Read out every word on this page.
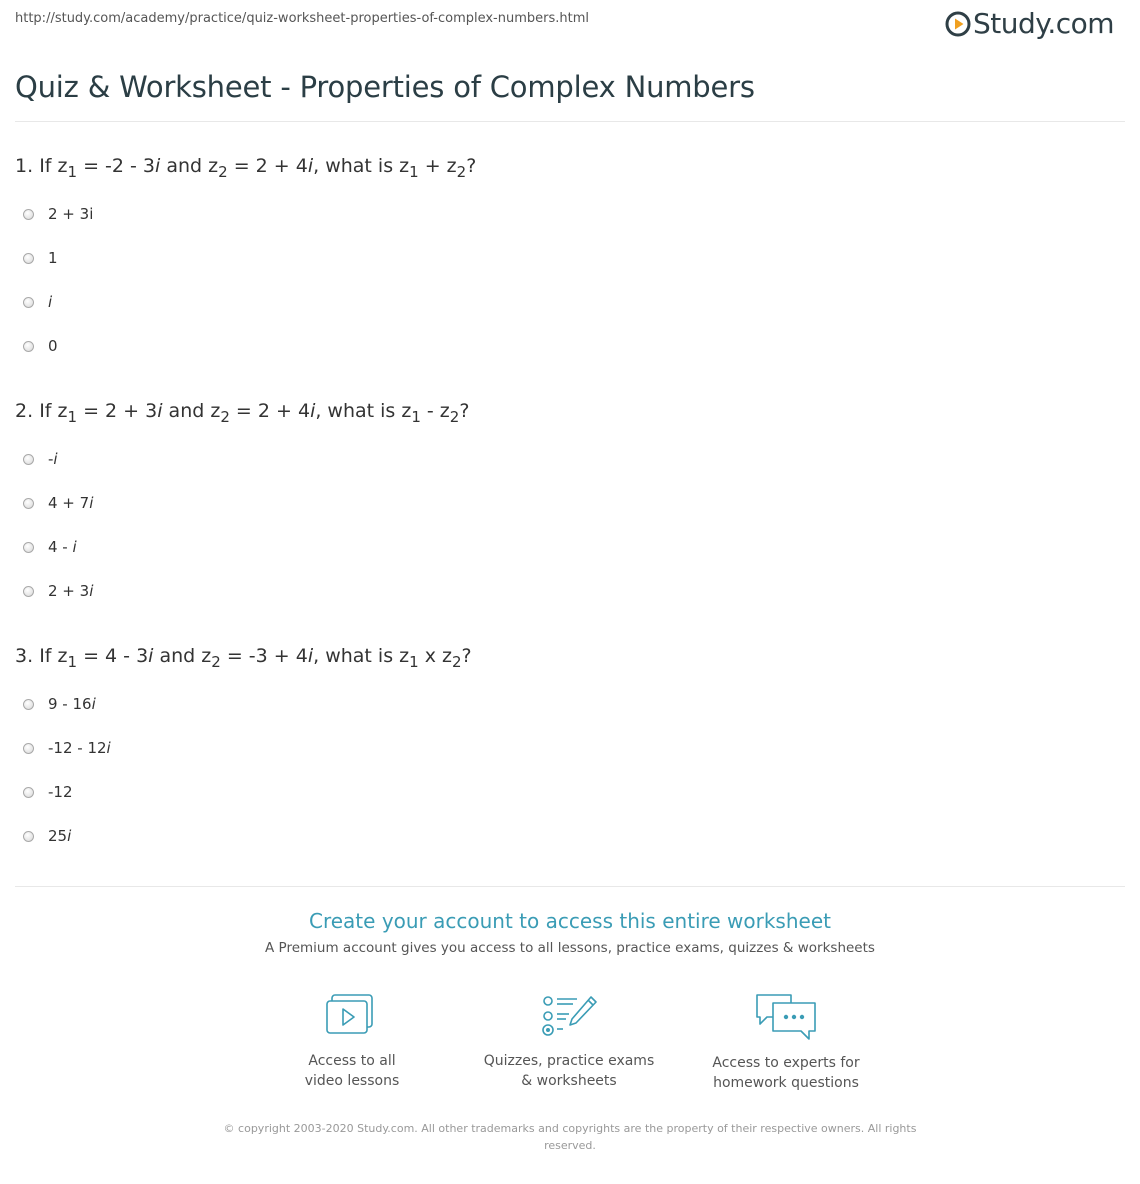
http://study.com/academy/practice/quiz-worksheet-properties-of-complex-numbers.html	Study.com
Quiz & Worksheet - Properties of Complex Numbers
1. If $z_1 = -2 - 3i$ and $z_2 = 2 + 4i$, what is $z_1 + z_2$?
2 + 3i
1
i
0
2. If $z_1 = 2 + 3i$ and $z_2 = 2 + 4i$, what is $z_1 - z_2$?
-i
4 + 7i
4 - i
2 + 3i
3. If $z_1 = 4 - 3i$ and $z_2 = -3 + 4i$, what is $z_1$ x $z_2$?
9 - 16i
-12 - 12i
-12
25i
Create your account to access this entire worksheet
A Premium account gives you access to all lessons, practice exams, quizzes & worksheets
Access to all
video lessons
Quizzes, practice exams
& worksheets
Access to experts for
homework questions
© copyright 2003-2020 Study.com. All other trademarks and copyrights are the property of their respective owners. All rights
reserved.
